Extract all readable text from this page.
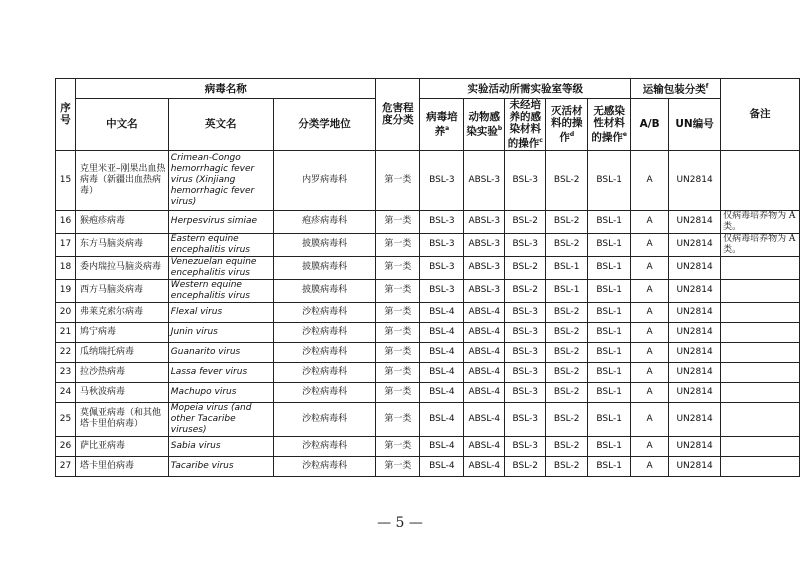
序号	病毒名称			危害程度分类	实验活动所需实验室等级					运输包装分类$^f$		备注
	中文名	英文名	分类学地位		病毒培养$^a$	动物感染实验$^b$	未经培养的感染材料的操作$^c$	灭活材料的操作$^d$	无感染性材料的操作$^e$	A/B	UN编号	
15	克里米亚–刚果出血热病毒（新疆出血热病毒）	Crimean-Congo hemorrhagic fever virus (Xinjiang hemorrhagic fever virus)	内罗病毒科	第一类	BSL-3	ABSL-3	BSL-3	BSL-2	BSL-1	A	UN2814	
16	猴疱疹病毒	Herpesvirus simiae	疱疹病毒科	第一类	BSL-3	ABSL-3	BSL-2	BSL-2	BSL-1	A	UN2814	仅病毒培养物为 A 类。
17	东方马脑炎病毒	Eastern equine encephalitis virus	披膜病毒科	第一类	BSL-3	ABSL-3	BSL-3	BSL-2	BSL-1	A	UN2814	仅病毒培养物为 A 类。
18	委内瑞拉马脑炎病毒	Venezuelan equine encephalitis virus	披膜病毒科	第一类	BSL-3	ABSL-3	BSL-2	BSL-1	BSL-1	A	UN2814	
19	西方马脑炎病毒	Western equine encephalitis virus	披膜病毒科	第一类	BSL-3	ABSL-3	BSL-2	BSL-1	BSL-1	A	UN2814	
20	弗莱克索尔病毒	Flexal virus	沙粒病毒科	第一类	BSL-4	ABSL-4	BSL-3	BSL-2	BSL-1	A	UN2814	
21	鸠宁病毒	Junin virus	沙粒病毒科	第一类	BSL-4	ABSL-4	BSL-3	BSL-2	BSL-1	A	UN2814	
22	瓜纳瑞托病毒	Guanarito virus	沙粒病毒科	第一类	BSL-4	ABSL-4	BSL-3	BSL-2	BSL-1	A	UN2814	
23	拉沙热病毒	Lassa fever virus	沙粒病毒科	第一类	BSL-4	ABSL-4	BSL-3	BSL-2	BSL-1	A	UN2814	
24	马秋波病毒	Machupo virus	沙粒病毒科	第一类	BSL-4	ABSL-4	BSL-3	BSL-2	BSL-1	A	UN2814	
25	莫佩亚病毒（和其他塔卡里伯病毒）	Mopeia virus (and other Tacaribe viruses)	沙粒病毒科	第一类	BSL-4	ABSL-4	BSL-3	BSL-2	BSL-1	A	UN2814	
26	萨比亚病毒	Sabia virus	沙粒病毒科	第一类	BSL-4	ABSL-4	BSL-3	BSL-2	BSL-1	A	UN2814	
27	塔卡里伯病毒	Tacaribe virus	沙粒病毒科	第一类	BSL-4	ABSL-4	BSL-2	BSL-2	BSL-1	A	UN2814	
— 5 —
